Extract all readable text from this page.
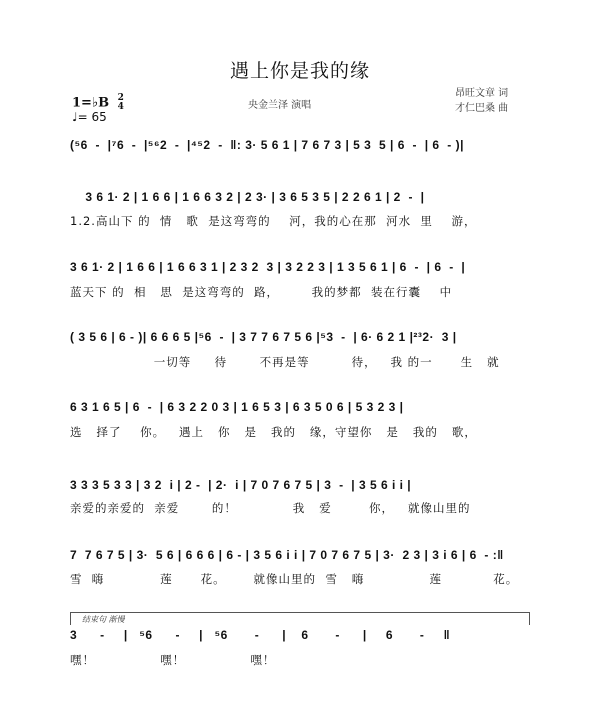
遇上你是我的缘
央金兰泽 演唱
昂旺文章 词
才仁巴桑 曲
1=♭B 2
4
♩= 65
(⁵6  -  |⁷6  -  |⁵⁶2  -  |⁴⁵2  -  ‖: 3· 5 6 1 | 7 6 7 3 | 5 3  5 | 6  -  | 6  - )|
3 6 1· 2 | 1 6 6 | 1 6 6 3 2 | 2 3· | 3 6 5 3 5 | 2 2 6 1 | 2  -  |
1.2.高山下 的  情   歌  是这弯弯的    河，我的心在那  河水  里    游，
3 6 1· 2 | 1 6 6 | 1 6 6 3 1 | 2 3 2  3 | 3 2 2 3 | 1 3 5 6 1 | 6  -  | 6  -  |
蓝天下 的  相   思  是这弯弯的  路，       我的梦都  装在行囊    中
( 3 5 6 | 6 - )| 6 6 6 5 |⁵6  -  | 3 7 7 6 7 5 6 |⁵3  -  | 6· 6 2 1 |²³2·  3 |
一切等     待       不再是等         待，   我 的一      生   就
6 3 1 6 5 | 6  -  | 6 3 2 2 0 3 | 1 6 5 3 | 6 3 5 0 6 | 5 3 2 3 |
选   择了    你。   遇上   你   是   我的   缘，守望你   是   我的   歌，
3 3 3 5 3 3 | 3 2  i | 2 -  | 2·  i | 7 0 7 6 7 5 | 3  -  | 3 5 6 i i |
亲爱的亲爱的  亲爱       的！            我   爱        你，   就像山里的
7  7 6 7 5 | 3·  5 6 | 6 6 6 | 6 - | 3 5 6 i i | 7 0 7 6 7 5 | 3·  2 3 | 3 i 6 | 6  - :‖
雪  嗨            莲      花。      就像山里的  雪   嗨              莲           花。
结束句 渐慢
3      -     |   ⁵6      -     |   ⁵6       -      |    6       -      |     6       -     ‖
嘿！              嘿！              嘿！
